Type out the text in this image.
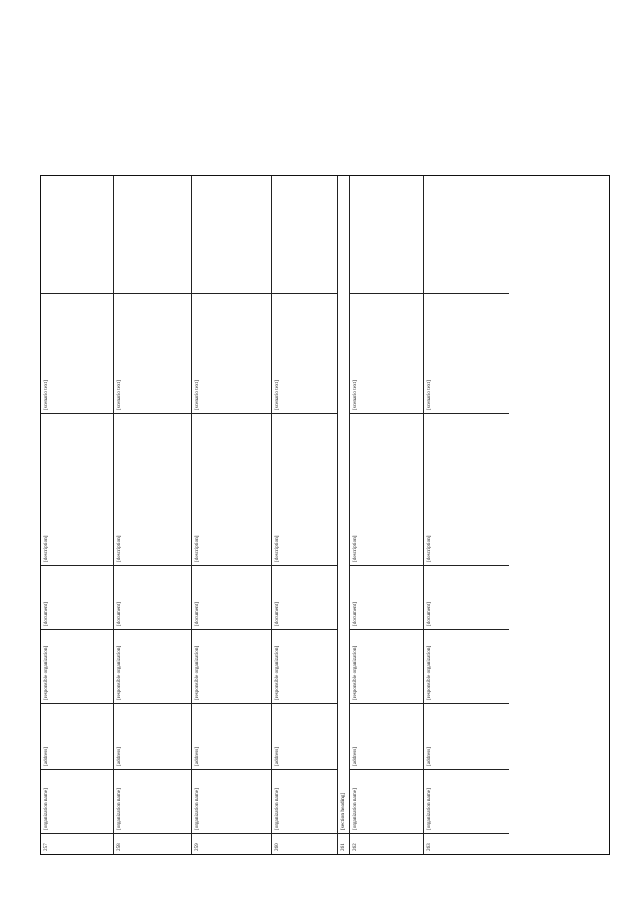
257
[organization name]
[address]
[responsible organization]
[document]
[description]
[scenario text]
258
[organization name]
[address]
[responsible organization]
[document]
[description]
[scenario text]
259
[organization name]
[address]
[responsible organization]
[document]
[description]
[scenario text]
260
[organization name]
[address]
[responsible organization]
[document]
[description]
[scenario text]
261
[section heading]
262
[organization name]
[address]
[responsible organization]
[document]
[description]
[scenario text]
263
[organization name]
[address]
[responsible organization]
[document]
[description]
[scenario text]
